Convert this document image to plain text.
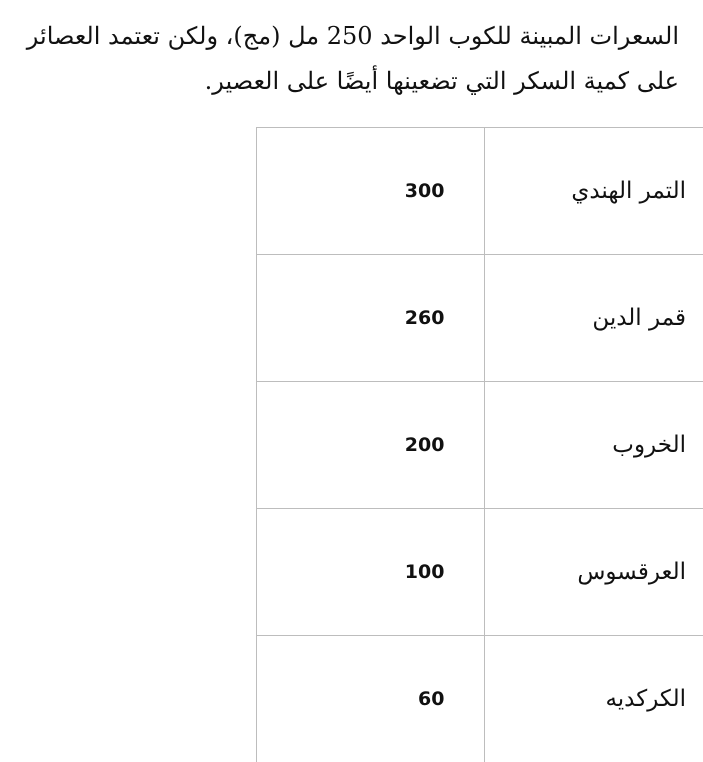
السعرات المبينة للكوب الواحد 250 مل (مج)، ولكن تعتمد العصائر
على كمية السكر التي تضعينها أيضًا على العصير.

التمر الهندي	300
قمر الدين	260
الخروب	200
العرقسوس	100
الكركديه	60
